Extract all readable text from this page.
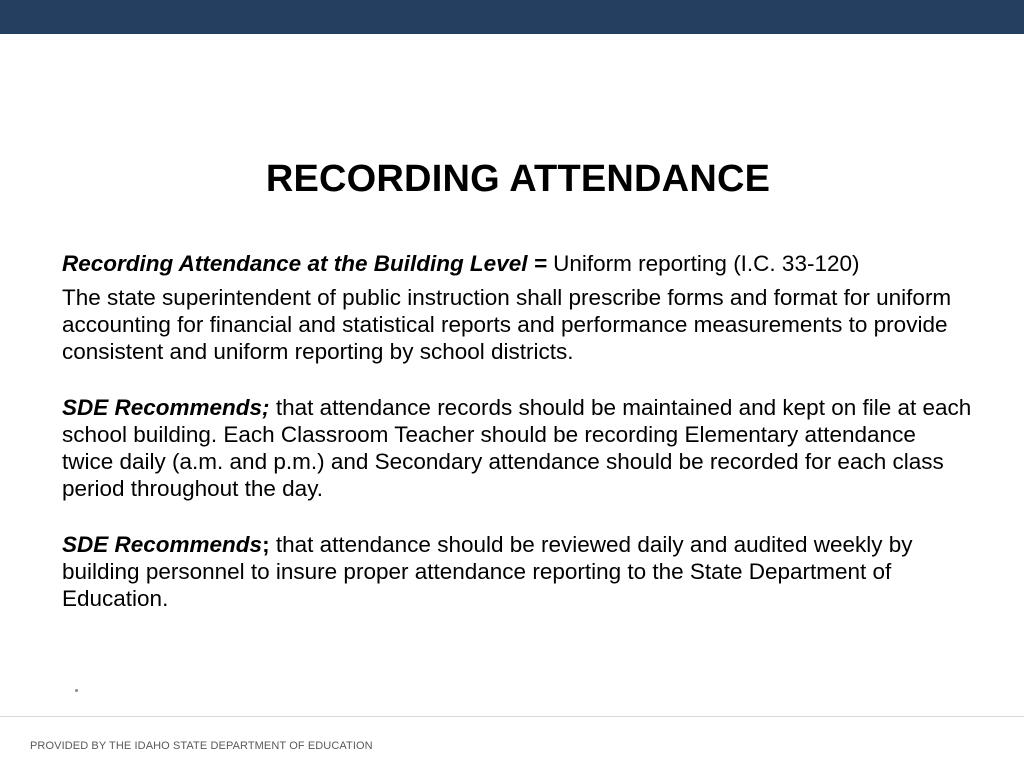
RECORDING ATTENDANCE

Recording Attendance at the Building Level = Uniform reporting (I.C. 33-120)

The state superintendent of public instruction shall prescribe forms and format for uniform accounting for financial and statistical reports and performance measurements to provide consistent and uniform reporting by school districts.

SDE Recommends; that attendance records should be maintained and kept on file at each school building. Each Classroom Teacher should be recording Elementary attendance twice daily (a.m. and p.m.) and Secondary attendance should be recorded for each class period throughout the day.

SDE Recommends; that attendance should be reviewed daily and audited weekly by building personnel to insure proper attendance reporting to the State Department of Education.

PROVIDED BY THE IDAHO STATE DEPARTMENT OF EDUCATION
